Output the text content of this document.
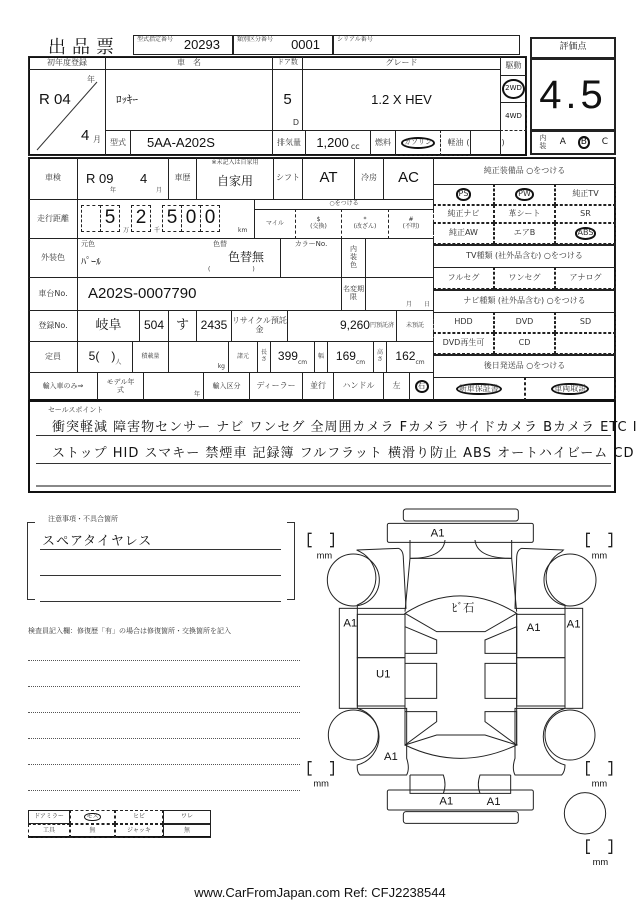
出品票	型式指定番号 20293	類別区分番号 0001	シリアル番号
評価点
4.5
内装 A	B	C
初年度登録
年
R 04
4 月
車　名
ﾛｯｷｰ
ドア数
5
D
グレード
1.2 X HEV
駆動
2WD
4WD
型式 5AA-A202S	排気量 1,200 cc 燃料	ガソリン	軽油 (　　　　)
車検 R 09
年
4
月
車歴
※未記入は自家用
自家用	シフト AT	冷房 AC
走行距離 5
万
2
千
5 0 0
km
○をつける
マイル	$
(交換)
*
(改ざん)
#
(不明)
外装色
元色
ﾊﾟｰﾙ
色替
色替無
(　　　　　　　)
カラーNo.
内装色
車台No. A202S-0007790	名変期限
月　　日
登録No. 岐阜 504 す 2435 リサイクル預託金	9,260 円預託済 未預託
定員 5(　) 人
積載量
kg
諸元 長さ 399 cm
幅 169 cm
高さ 162 cm
輸入車のみ⇒	モデル年式
年
輸入区分 ディーラー 並行 ハンドル 左	右
純正装備品 ○をつける
PS	PW	純正TV
純正ナビ	革シート	SR
純正AW	エアB	ABS
TV種類 (社外品含む) ○をつける
フルセグ	ワンセグ	アナログ
ナビ種類 (社外品含む) ○をつける
HDD	DVD	SD
DVD再生可	CD
後日発送品 ○をつける
新車保証書	車両取説
セールスポイント
衝突軽減 障害物センサー ナビ ワンセグ 全周囲カメラ Fカメラ サイドカメラ Bカメラ ETC I
ストップ HID スマキー 禁煙車 記録簿 フルフラット 横滑り防止 ABS オートハイビーム CD
注意事項・不具合箇所
スペアタイヤレス
検査員記入欄：修復歴「有」の場合は修復箇所・交換箇所を記入
ドアミラー	モス	ヒビ	ワレ
工具	無	ジャッキ	無
mm	mm
mm	mm
mm
A1
ﾋﾞ石
A1	A1 A1
U1
A1
A1 A1
www.CarFromJapan.com Ref: CFJ2238544
